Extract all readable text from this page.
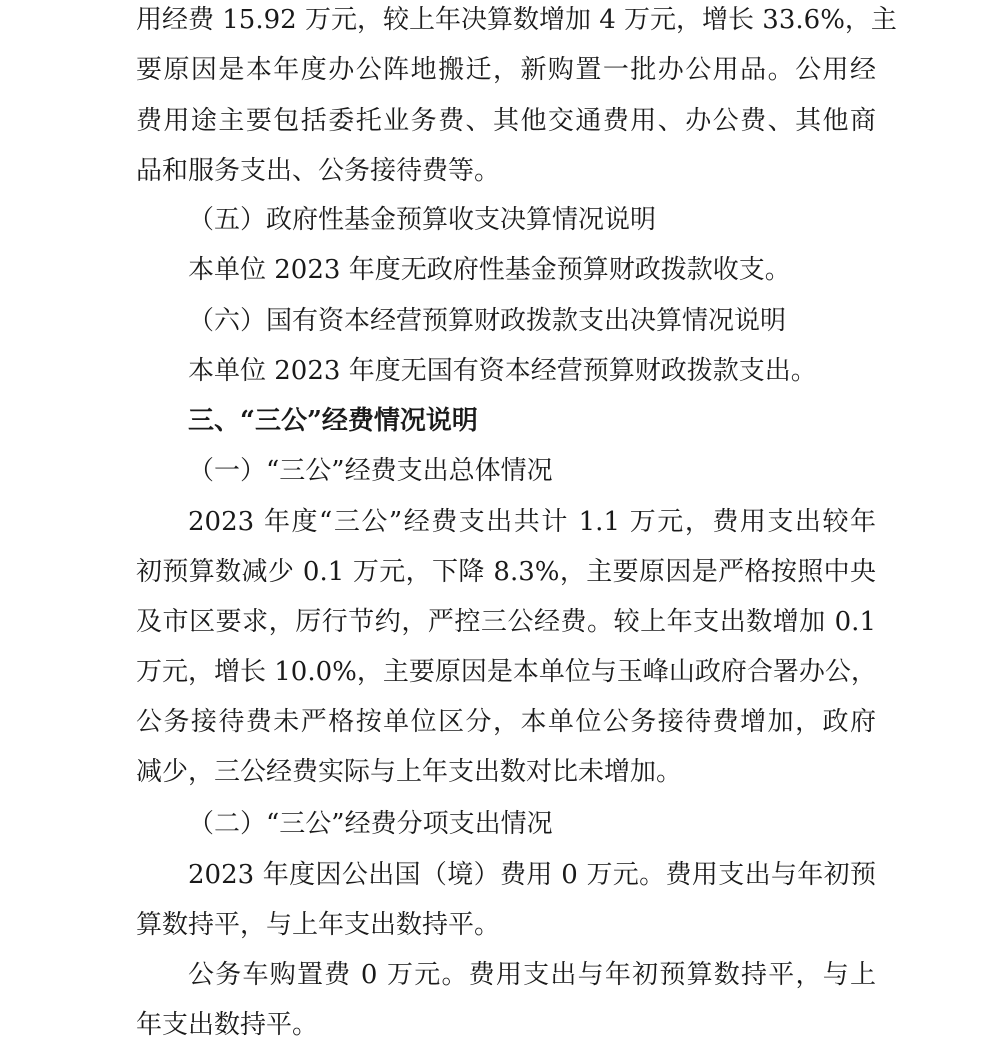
用经费 15.92 万元，较上年决算数增加 4 万元，增长 33.6%，主
要原因是本年度办公阵地搬迁，新购置一批办公用品。公用经
费用途主要包括委托业务费、其他交通费用、办公费、其他商
品和服务支出、公务接待费等。
（五）政府性基金预算收支决算情况说明
本单位 2023 年度无政府性基金预算财政拨款收支。
（六）国有资本经营预算财政拨款支出决算情况说明
本单位 2023 年度无国有资本经营预算财政拨款支出。
三、“三公”经费情况说明
（一）“三公”经费支出总体情况
2023 年度“三公”经费支出共计 1.1 万元，费用支出较年
初预算数减少 0.1 万元，下降 8.3%，主要原因是严格按照中央
及市区要求，厉行节约，严控三公经费。较上年支出数增加 0.1
万元，增长 10.0%，主要原因是本单位与玉峰山政府合署办公，
公务接待费未严格按单位区分，本单位公务接待费增加，政府
减少，三公经费实际与上年支出数对比未增加。
（二）“三公”经费分项支出情况
2023 年度因公出国（境）费用 0 万元。费用支出与年初预
算数持平，与上年支出数持平。
公务车购置费 0 万元。费用支出与年初预算数持平，与上
年支出数持平。
